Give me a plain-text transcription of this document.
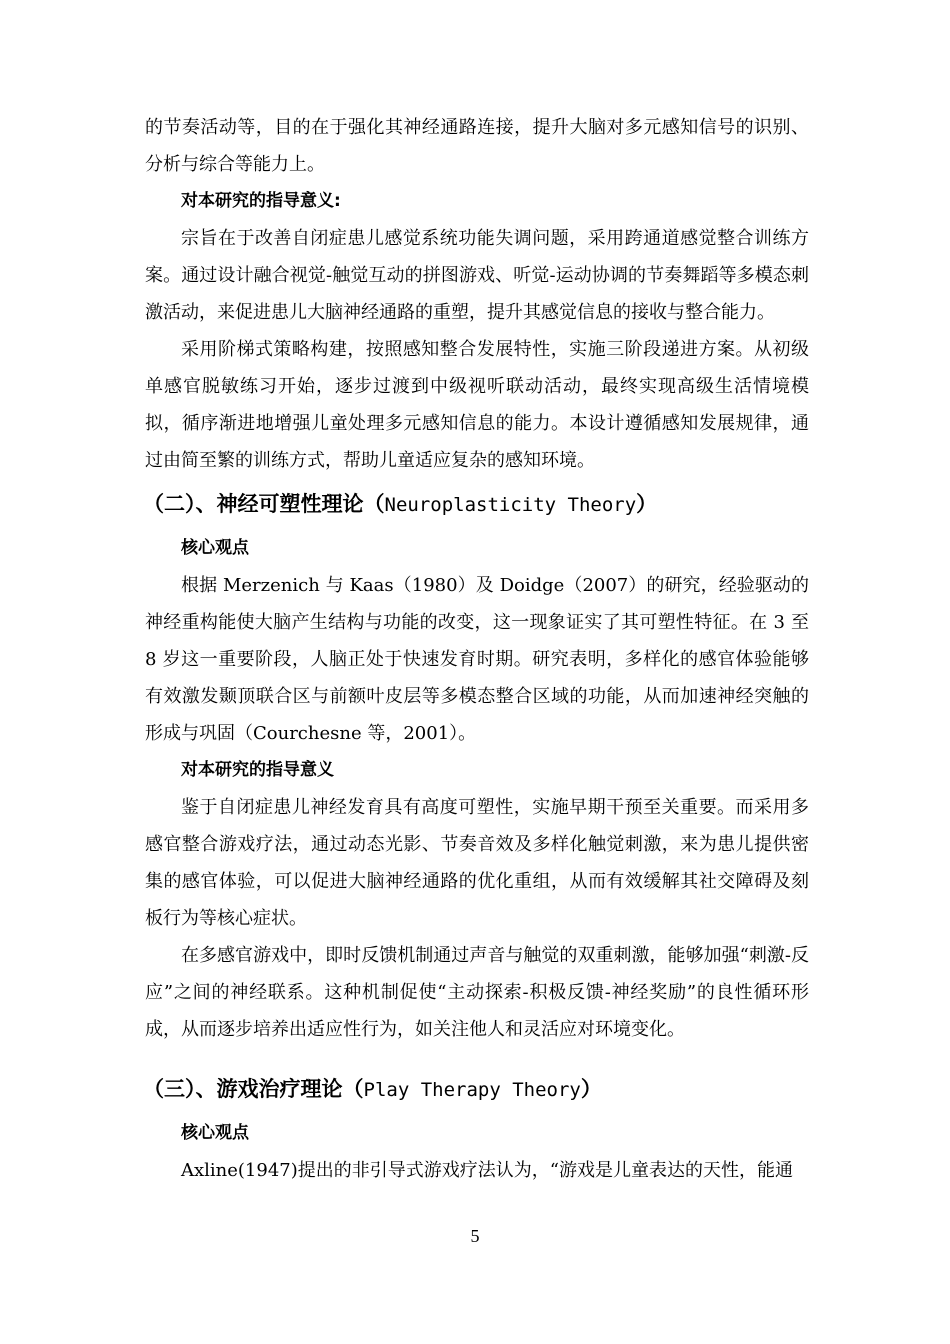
的节奏活动等，目的在于强化其神经通路连接，提升大脑对多元感知信号的识别、分析与综合等能力上。

对本研究的指导意义:

宗旨在于改善自闭症患儿感觉系统功能失调问题，采用跨通道感觉整合训练方案。通过设计融合视觉-触觉互动的拼图游戏、听觉-运动协调的节奏舞蹈等多模态刺激活动，来促进患儿大脑神经通路的重塑，提升其感觉信息的接收与整合能力。

采用阶梯式策略构建，按照感知整合发展特性，实施三阶段递进方案。从初级单感官脱敏练习开始，逐步过渡到中级视听联动活动，最终实现高级生活情境模拟，循序渐进地增强儿童处理多元感知信息的能力。本设计遵循感知发展规律，通过由简至繁的训练方式，帮助儿童适应复杂的感知环境。

（二）、神经可塑性理论（Neuroplasticity Theory）

核心观点

根据 Merzenich 与 Kaas（1980）及 Doidge（2007）的研究，经验驱动的神经重构能使大脑产生结构与功能的改变，这一现象证实了其可塑性特征。在 3 至 8 岁这一重要阶段，人脑正处于快速发育时期。研究表明，多样化的感官体验能够有效激发颞顶联合区与前额叶皮层等多模态整合区域的功能，从而加速神经突触的形成与巩固（Courchesne 等，2001）。

对本研究的指导意义

鉴于自闭症患儿神经发育具有高度可塑性，实施早期干预至关重要。而采用多感官整合游戏疗法，通过动态光影、节奏音效及多样化触觉刺激，来为患儿提供密集的感官体验，可以促进大脑神经通路的优化重组，从而有效缓解其社交障碍及刻板行为等核心症状。

在多感官游戏中，即时反馈机制通过声音与触觉的双重刺激，能够加强“刺激-反应”之间的神经联系。这种机制促使“主动探索-积极反馈-神经奖励”的良性循环形成，从而逐步培养出适应性行为，如关注他人和灵活应对环境变化。

（三）、游戏治疗理论（Play Therapy Theory）

核心观点

Axline(1947)提出的非引导式游戏疗法认为，“游戏是儿童表达的天性，能通

5
